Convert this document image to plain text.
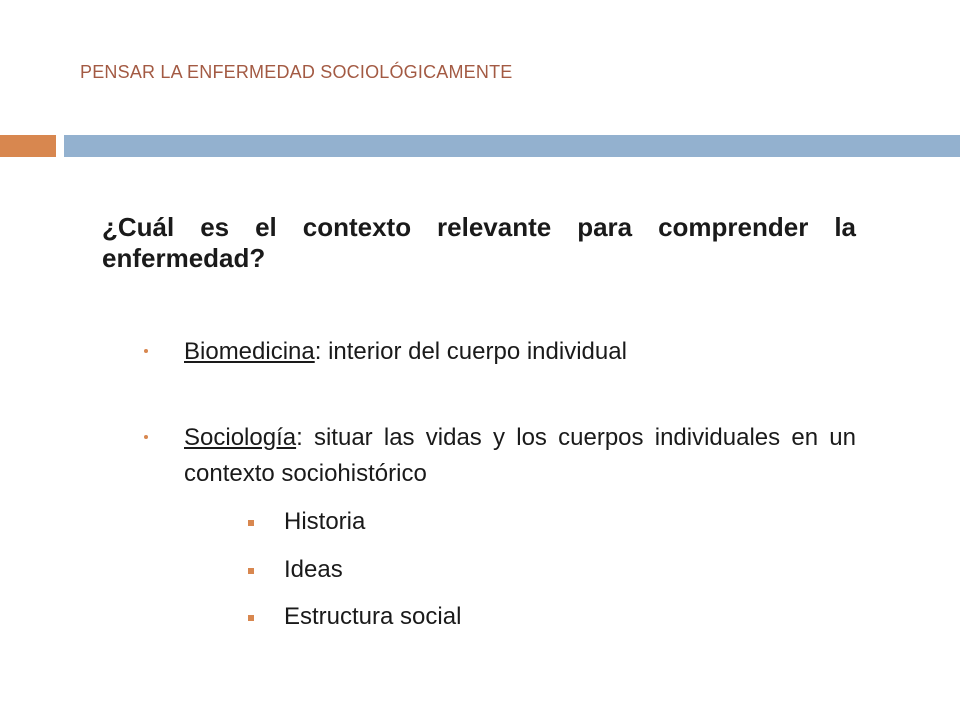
PENSAR LA ENFERMEDAD SOCIOLÓGICAMENTE

¿Cuál es el contexto relevante para comprender la enfermedad?

Biomedicina: interior del cuerpo individual
Sociología: situar las vidas y los cuerpos individuales en un contexto sociohistórico
Historia
Ideas
Estructura social
